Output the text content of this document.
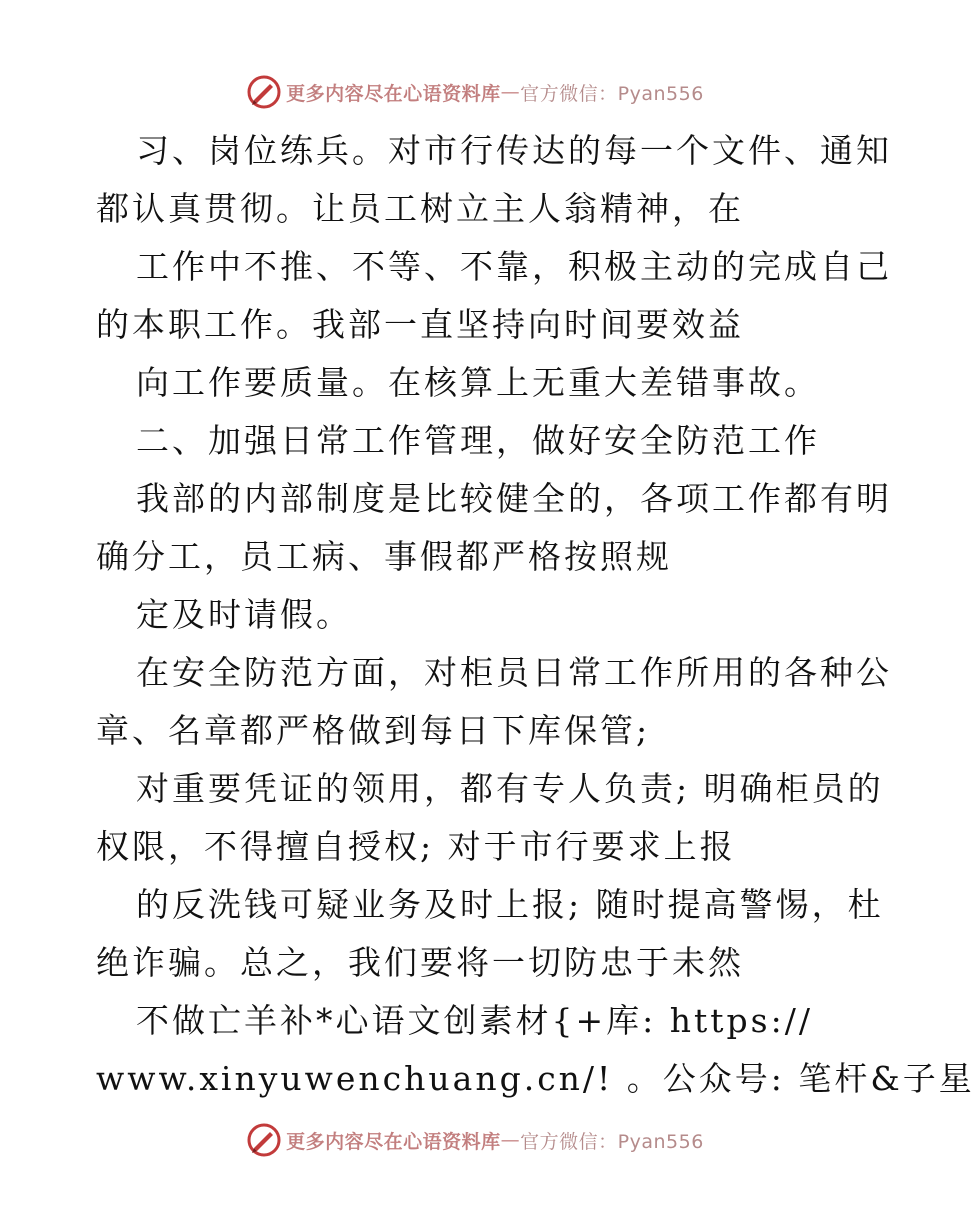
更多内容尽在心语资料库 — 官方微信：Pyan556
习、岗位练兵。对市行传达的每一个文件、通知
都认真贯彻。让员工树立主人翁精神，在
工作中不推、不等、不靠，积极主动的完成自己
的本职工作。我部一直坚持向时间要效益
向工作要质量。在核算上无重大差错事故。
二、加强日常工作管理，做好安全防范工作
我部的内部制度是比较健全的，各项工作都有明
确分工，员工病、事假都严格按照规
定及时请假。
在安全防范方面，对柜员日常工作所用的各种公
章、名章都严格做到每日下库保管;
对重要凭证的领用，都有专人负责; 明确柜员的
权限，不得擅自授权; 对于市行要求上报
的反洗钱可疑业务及时上报; 随时提高警惕，杜
绝诈骗。总之，我们要将一切防忠于未然
不做亡羊补*心语文创素材{+库: https://
www.xinyuwenchuang.cn/! 。公众号: 笔杆&子星
更多内容尽在心语资料库 — 官方微信：Pyan556
